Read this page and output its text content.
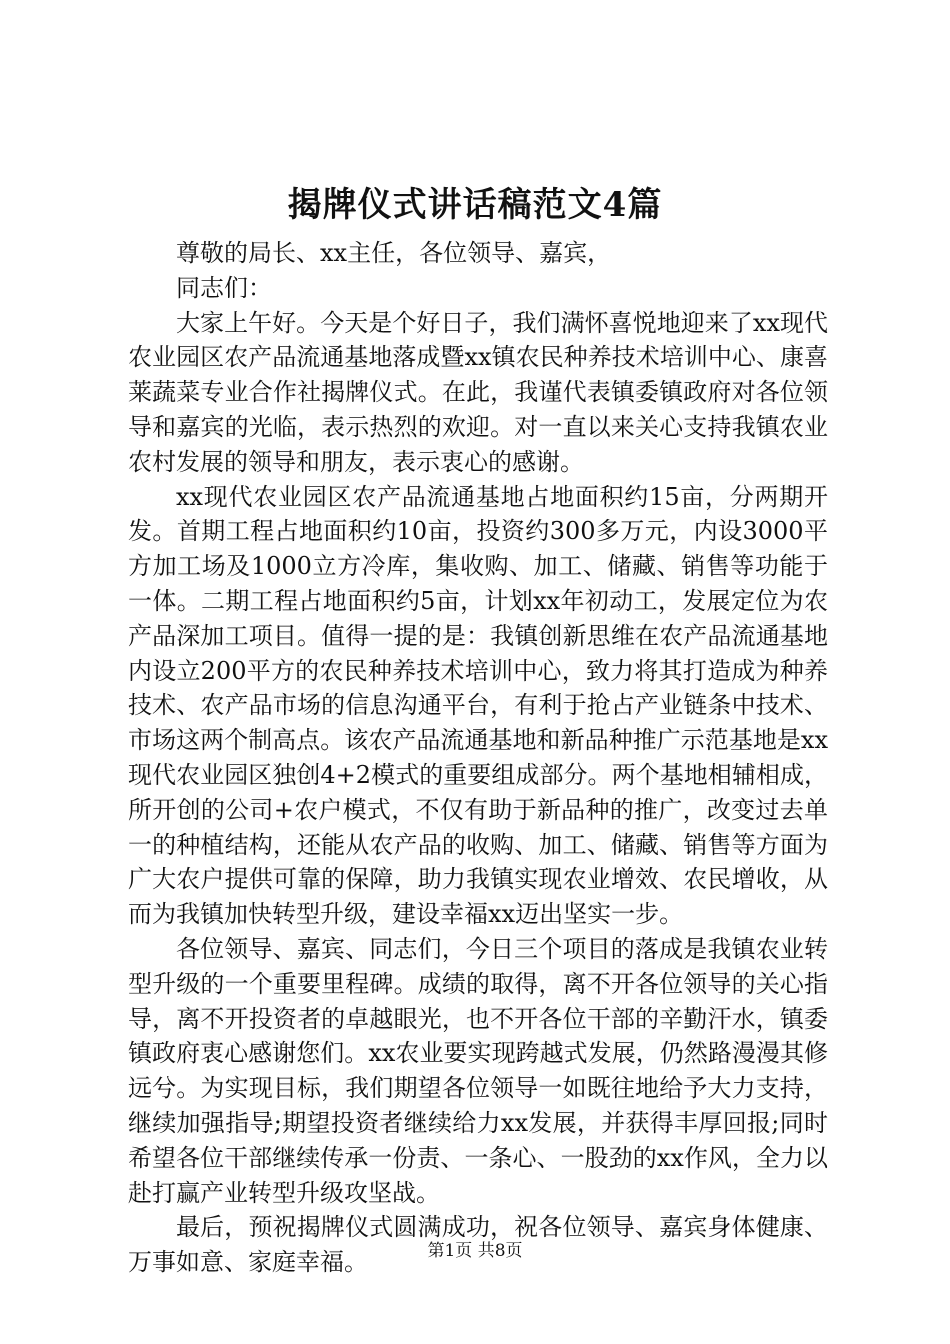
揭牌仪式讲话稿范文4篇

尊敬的局长、xx主任，各位领导、嘉宾，

同志们：

大家上午好。今天是个好日子，我们满怀喜悦地迎来了xx现代农业园区农产品流通基地落成暨xx镇农民种养技术培训中心、康喜莱蔬菜专业合作社揭牌仪式。在此，我谨代表镇委镇政府对各位领导和嘉宾的光临，表示热烈的欢迎。对一直以来关心支持我镇农业农村发展的领导和朋友，表示衷心的感谢。

xx现代农业园区农产品流通基地占地面积约15亩，分两期开发。首期工程占地面积约10亩，投资约300多万元，内设3000平方加工场及1000立方冷库，集收购、加工、储藏、销售等功能于一体。二期工程占地面积约5亩，计划xx年初动工，发展定位为农产品深加工项目。值得一提的是：我镇创新思维在农产品流通基地内设立200平方的农民种养技术培训中心，致力将其打造成为种养技术、农产品市场的信息沟通平台，有利于抢占产业链条中技术、市场这两个制高点。该农产品流通基地和新品种推广示范基地是xx现代农业园区独创4+2模式的重要组成部分。两个基地相辅相成，所开创的公司+农户模式，不仅有助于新品种的推广，改变过去单一的种植结构，还能从农产品的收购、加工、储藏、销售等方面为广大农户提供可靠的保障，助力我镇实现农业增效、农民增收，从而为我镇加快转型升级，建设幸福xx迈出坚实一步。

各位领导、嘉宾、同志们，今日三个项目的落成是我镇农业转型升级的一个重要里程碑。成绩的取得，离不开各位领导的关心指导，离不开投资者的卓越眼光，也不开各位干部的辛勤汗水，镇委镇政府衷心感谢您们。xx农业要实现跨越式发展，仍然路漫漫其修远兮。为实现目标，我们期望各位领导一如既往地给予大力支持，继续加强指导;期望投资者继续给力xx发展，并获得丰厚回报;同时希望各位干部继续传承一份责、一条心、一股劲的xx作风，全力以赴打赢产业转型升级攻坚战。

最后，预祝揭牌仪式圆满成功，祝各位领导、嘉宾身体健康、万事如意、家庭幸福。	第1页 共8页
